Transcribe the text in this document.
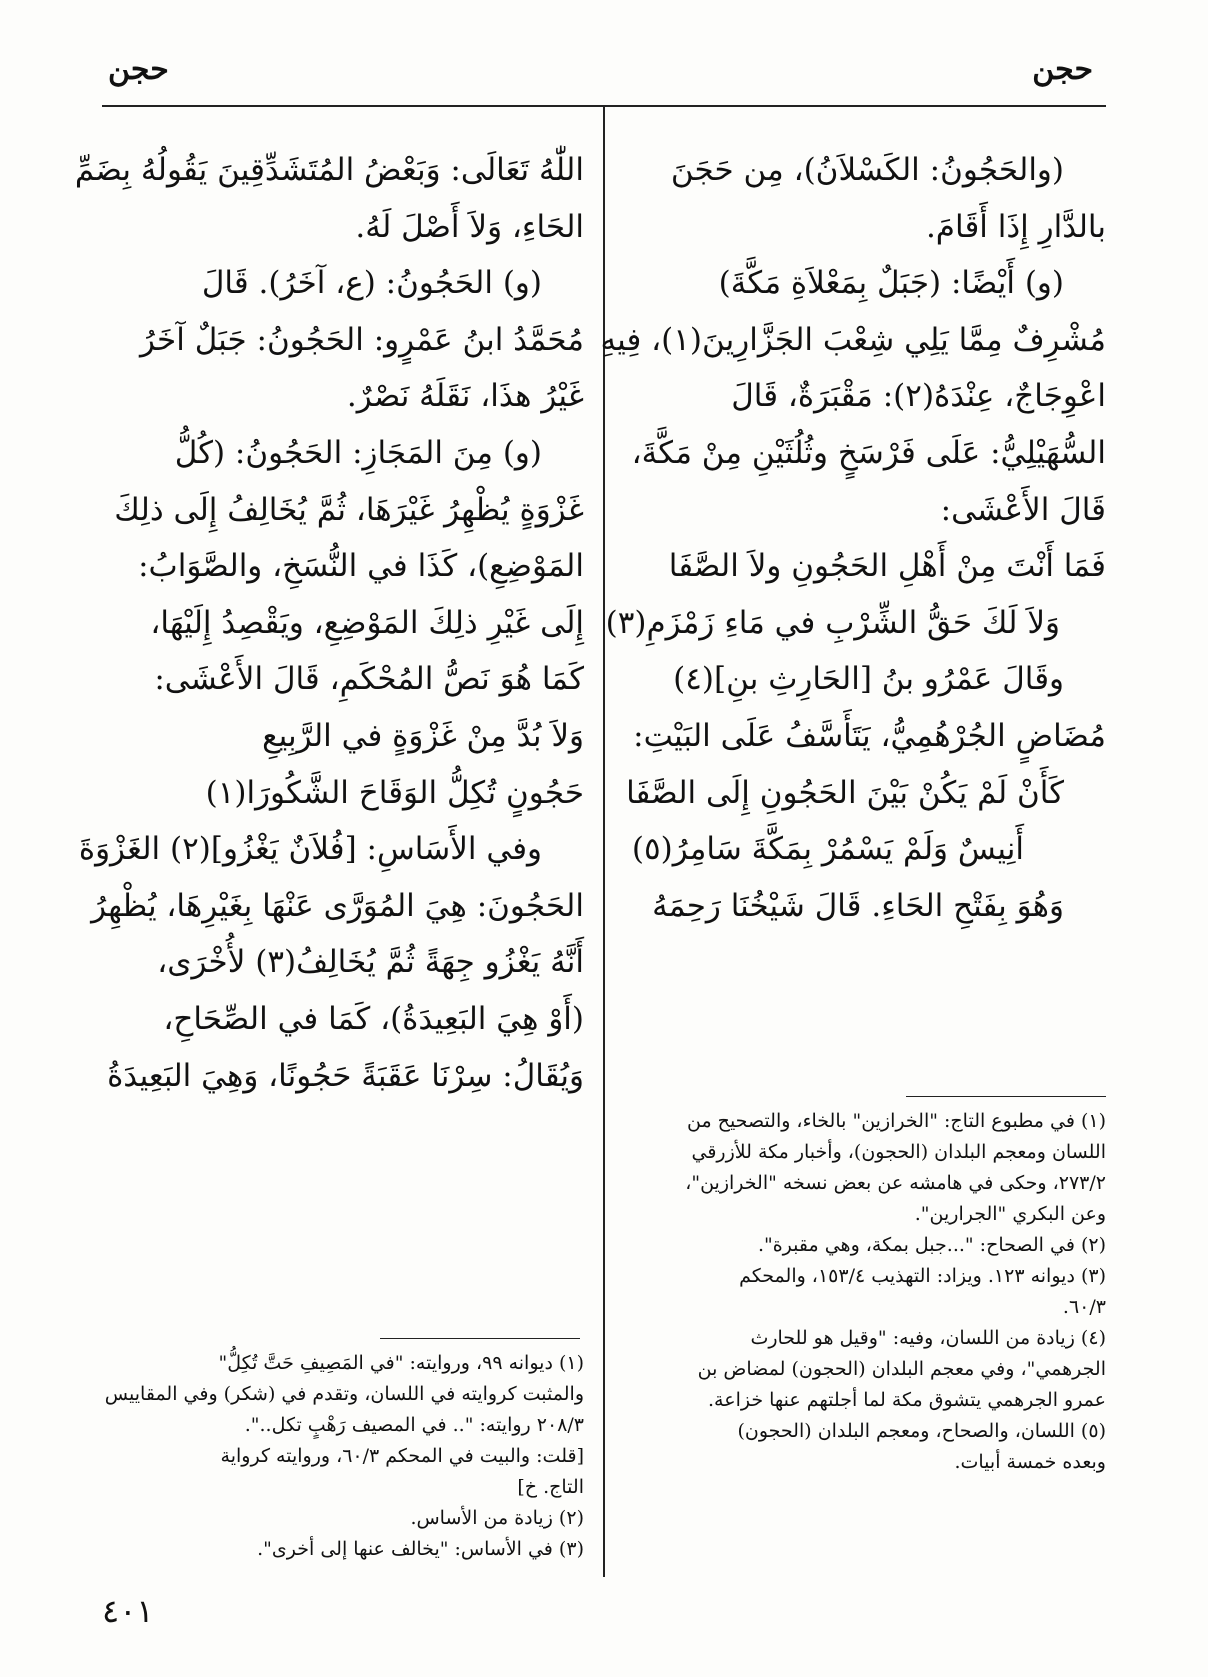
حجن
حجن
(والحَجُونُ: الكَسْلاَنُ)، مِن حَجَنَ
بالدَّارِ إِذَا أَقَامَ.
(و) أَيْضًا: (جَبَلٌ بِمَعْلاَةِ مَكَّةَ)
مُشْرِفٌ مِمَّا يَلِي شِعْبَ الجَزَّارِينَ(١)، فِيهِ
اعْوِجَاجٌ، عِنْدَهُ(٢): مَقْبَرَةٌ، قَالَ
السُّهَيْلِيُّ: عَلَى فَرْسَخٍ وثُلُثَيْنِ مِنْ مَكَّةَ،
قَالَ الأَعْشَى:
فَمَا أَنْتَ مِنْ أَهْلِ الحَجُونِ ولاَ الصَّفَا
وَلاَ لَكَ حَقُّ الشِّرْبِ في مَاءِ زَمْزَمِ(٣)
وقَالَ عَمْرُو بنُ [الحَارِثِ بنِ](٤)
مُضَاضٍ الجُرْهُمِيُّ، يَتَأَسَّفُ عَلَى البَيْتِ:
كَأَنْ لَمْ يَكُنْ بَيْنَ الحَجُونِ إِلَى الصَّفَا
أَنِيسٌ وَلَمْ يَسْمُرْ بِمَكَّةَ سَامِرُ(٥)
وَهُوَ بِفَتْحِ الحَاءِ. قَالَ شَيْخُنَا رَحِمَهُ
اللّٰهُ تَعَالَى: وَبَعْضُ المُتَشَدِّقِينَ يَقُولُهُ بِضَمِّ
الحَاءِ، وَلاَ أَصْلَ لَهُ.
(و) الحَجُونُ: (ع، آخَرُ). قَالَ
مُحَمَّدُ ابنُ عَمْرٍو: الحَجُونُ: جَبَلٌ آخَرُ
غَيْرُ هذَا، نَقَلَهُ نَصْرٌ.
(و) مِنَ المَجَازِ: الحَجُونُ: (كُلُّ
غَزْوَةٍ يُظْهِرُ غَيْرَهَا، ثُمَّ يُخَالِفُ إِلَى ذلِكَ
المَوْضِعِ)، كَذَا في النُّسَخِ، والصَّوَابُ:
إِلَى غَيْرِ ذلِكَ المَوْضِعِ، ويَقْصِدُ إِلَيْهَا،
كَمَا هُوَ نَصُّ المُحْكَمِ، قَالَ الأَعْشَى:
وَلاَ بُدَّ مِنْ غَزْوَةٍ في الرَّبِيعِ
حَجُونٍ تُكِلُّ الوَقَاحَ الشَّكُورَا(١)
وفي الأَسَاسِ: [فُلاَنٌ يَغْزُو](٢) الغَزْوَةَ
الحَجُونَ: هِيَ المُوَرَّى عَنْهَا بِغَيْرِهَا، يُظْهِرُ
أَنَّهُ يَغْزُو جِهَةً ثُمَّ يُخَالِفُ(٣) لأُخْرَى،
(أَوْ هِيَ البَعِيدَةُ)، كَمَا في الصِّحَاحِ،
وَيُقَالُ: سِرْنَا عَقَبَةً حَجُونًا، وَهِيَ البَعِيدَةُ
(١) في مطبوع التاج: "الخرازين" بالخاء، والتصحيح من
اللسان ومعجم البلدان (الحجون)، وأخبار مكة للأزرقي
٢٧٣/٢، وحكى في هامشه عن بعض نسخه "الخرازين"،
وعن البكري "الجرارين".
(٢) في الصحاح: "...جبل بمكة، وهي مقبرة".
(٣) ديوانه ١٢٣. ويزاد: التهذيب ١٥٣/٤، والمحكم
٦٠/٣.
(٤) زيادة من اللسان، وفيه: "وقيل هو للحارث
الجرهمي"، وفي معجم البلدان (الحجون) لمضاض بن
عمرو الجرهمي يتشوق مكة لما أجلتهم عنها خزاعة.
(٥) اللسان، والصحاح، ومعجم البلدان (الحجون)
وبعده خمسة أبيات.
(١) ديوانه ٩٩، وروايته: "في المَصِيفِ حَتَّ تُكِلُّ"
والمثبت كروايته في اللسان، وتقدم في (شكر) وفي المقاييس
٢٠٨/٣ روايته: ".. في المصيف رَهْبٍ تكل..".
[قلت: والبيت في المحكم ٦٠/٣، وروايته كرواية
التاج. خ]
(٢) زيادة من الأساس.
(٣) في الأساس: "يخالف عنها إلى أخرى".
٤٠١
